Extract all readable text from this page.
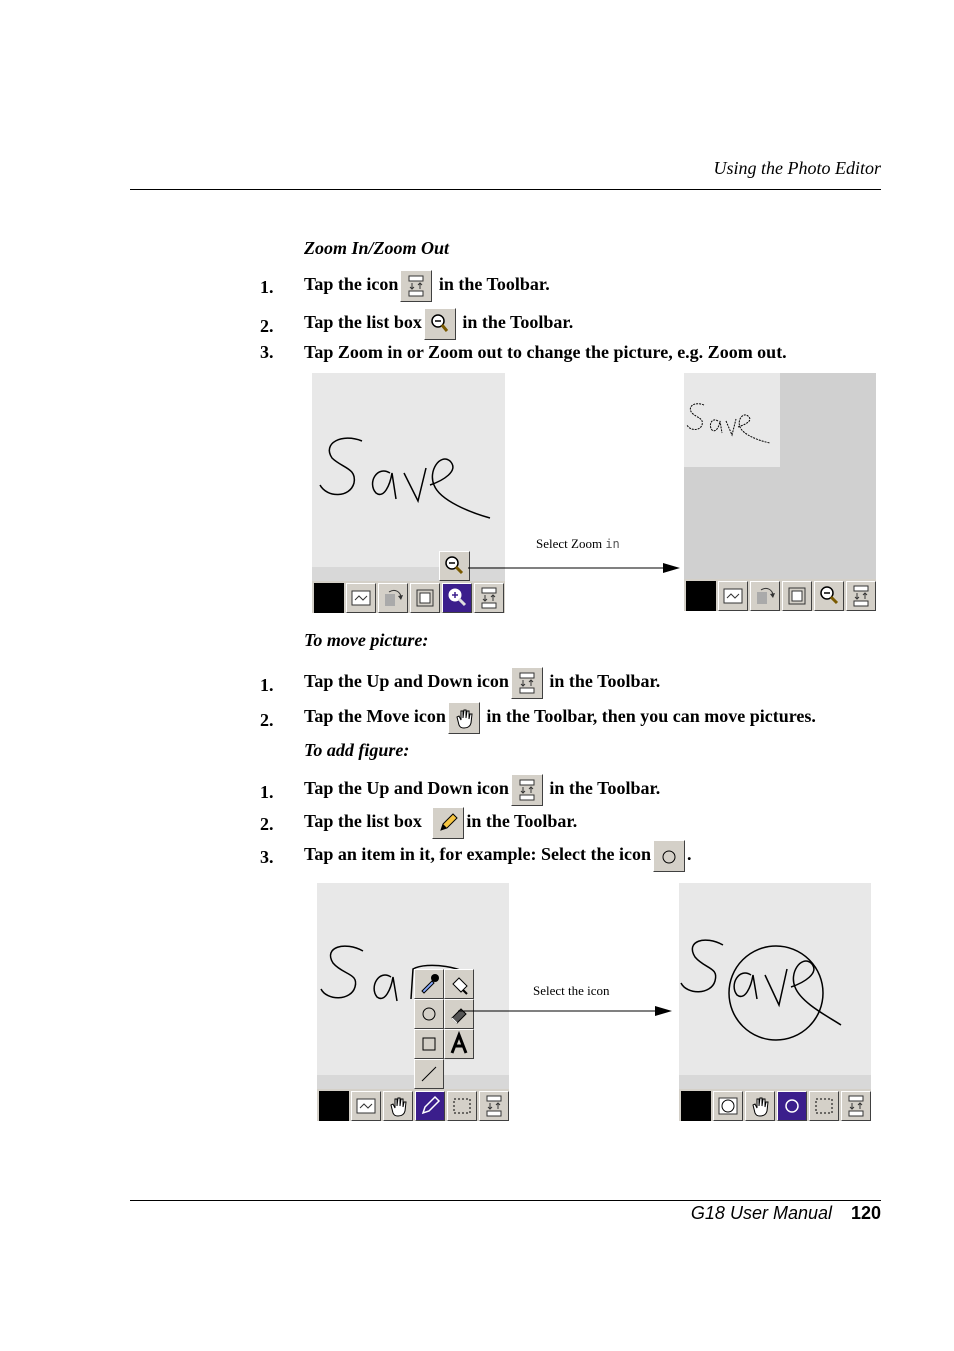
Using the Photo Editor
Zoom In/Zoom Out
1. Tap the icon in the Toolbar.
2. Tap the list box in the Toolbar.
3. Tap Zoom in or Zoom out to change the picture, e.g. Zoom out.
Select Zoom in
To move picture:
1. Tap the Up and Down icon in the Toolbar.
2. Tap the Move icon in the Toolbar, then you can move pictures.
To add figure:
1. Tap the Up and Down icon in the Toolbar.
2. Tap the list box in the Toolbar.
3. Tap an item in it, for example: Select the icon .
Select the icon
G18 User Manual 120
